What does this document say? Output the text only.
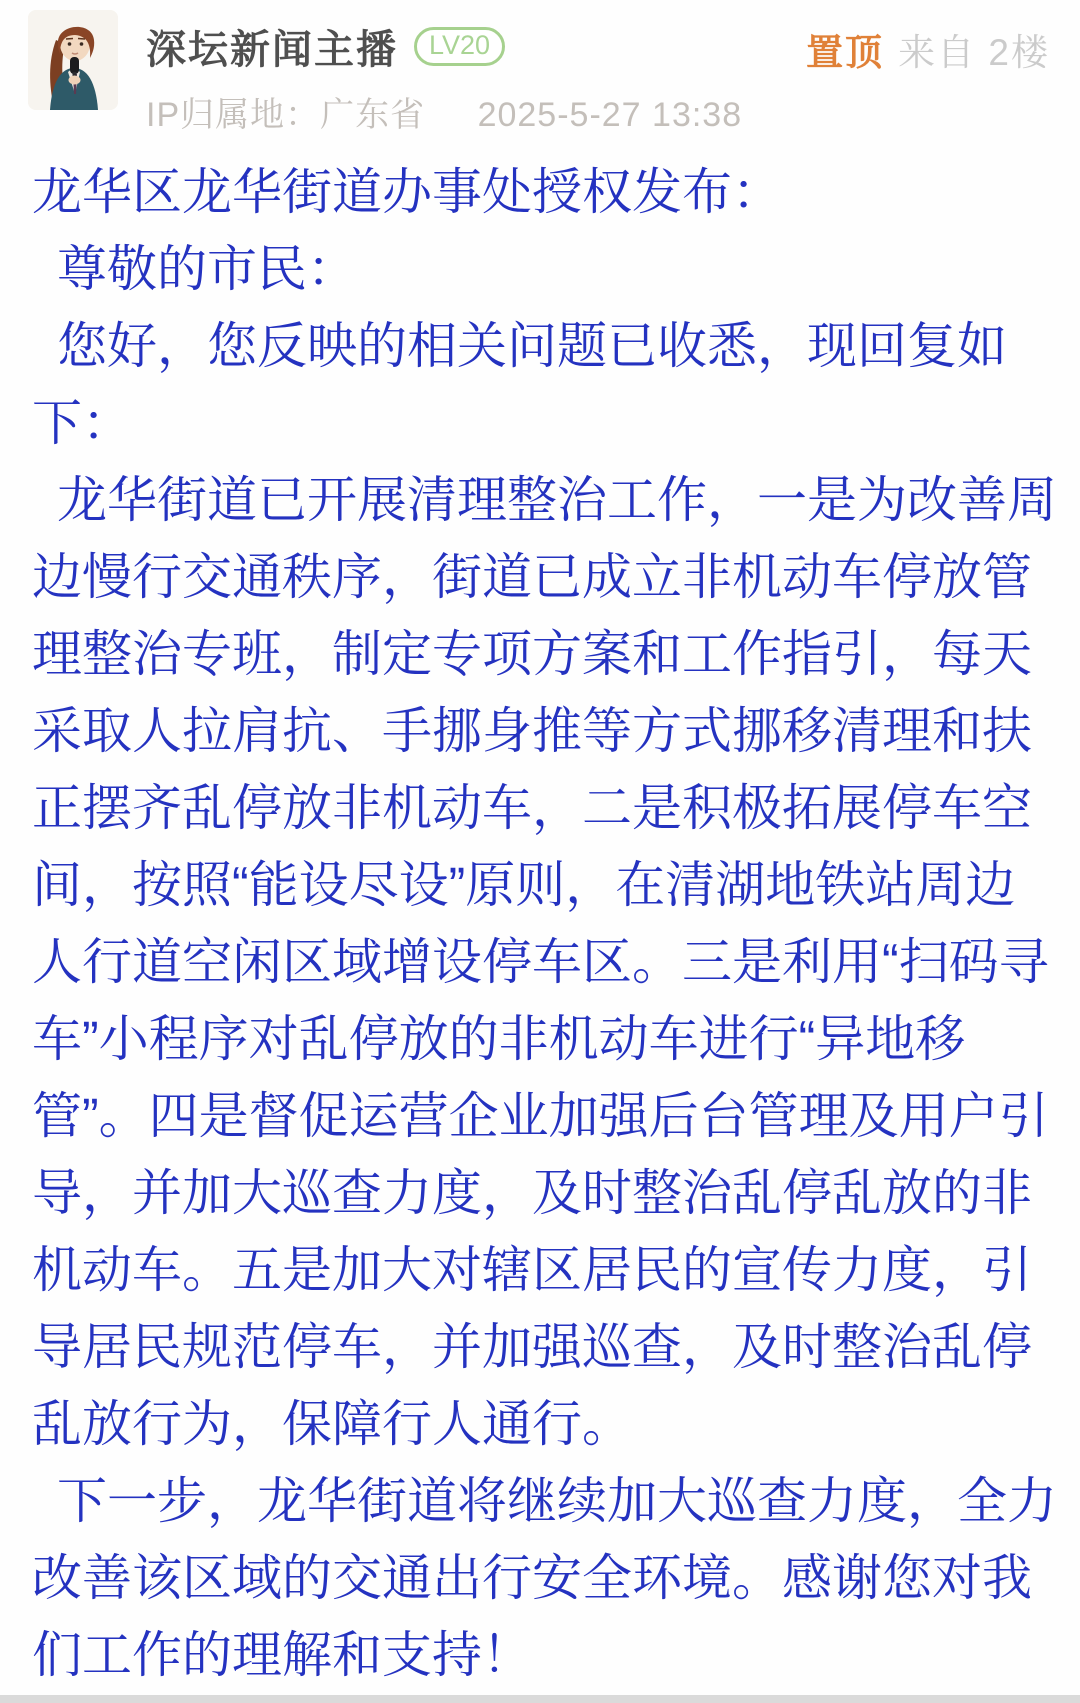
深坛新闻主播	LV20
IP归属地：广东省 2025-5-27 13:38
置顶 来自 2楼
龙华区龙华街道办事处授权发布：
尊敬的市民：
您好，您反映的相关问题已收悉，现回复如
下：
龙华街道已开展清理整治工作，一是为改善周
边慢行交通秩序，街道已成立非机动车停放管
理整治专班，制定专项方案和工作指引，每天
采取人拉肩抗、手挪身推等方式挪移清理和扶
正摆齐乱停放非机动车，二是积极拓展停车空
间，按照“能设尽设”原则，在清湖地铁站周边
人行道空闲区域增设停车区。三是利用“扫码寻
车”小程序对乱停放的非机动车进行“异地移
管”。四是督促运营企业加强后台管理及用户引
导，并加大巡查力度，及时整治乱停乱放的非
机动车。五是加大对辖区居民的宣传力度，引
导居民规范停车，并加强巡查，及时整治乱停
乱放行为，保障行人通行。
下一步，龙华街道将继续加大巡查力度，全力
改善该区域的交通出行安全环境。感谢您对我
们工作的理解和支持！
